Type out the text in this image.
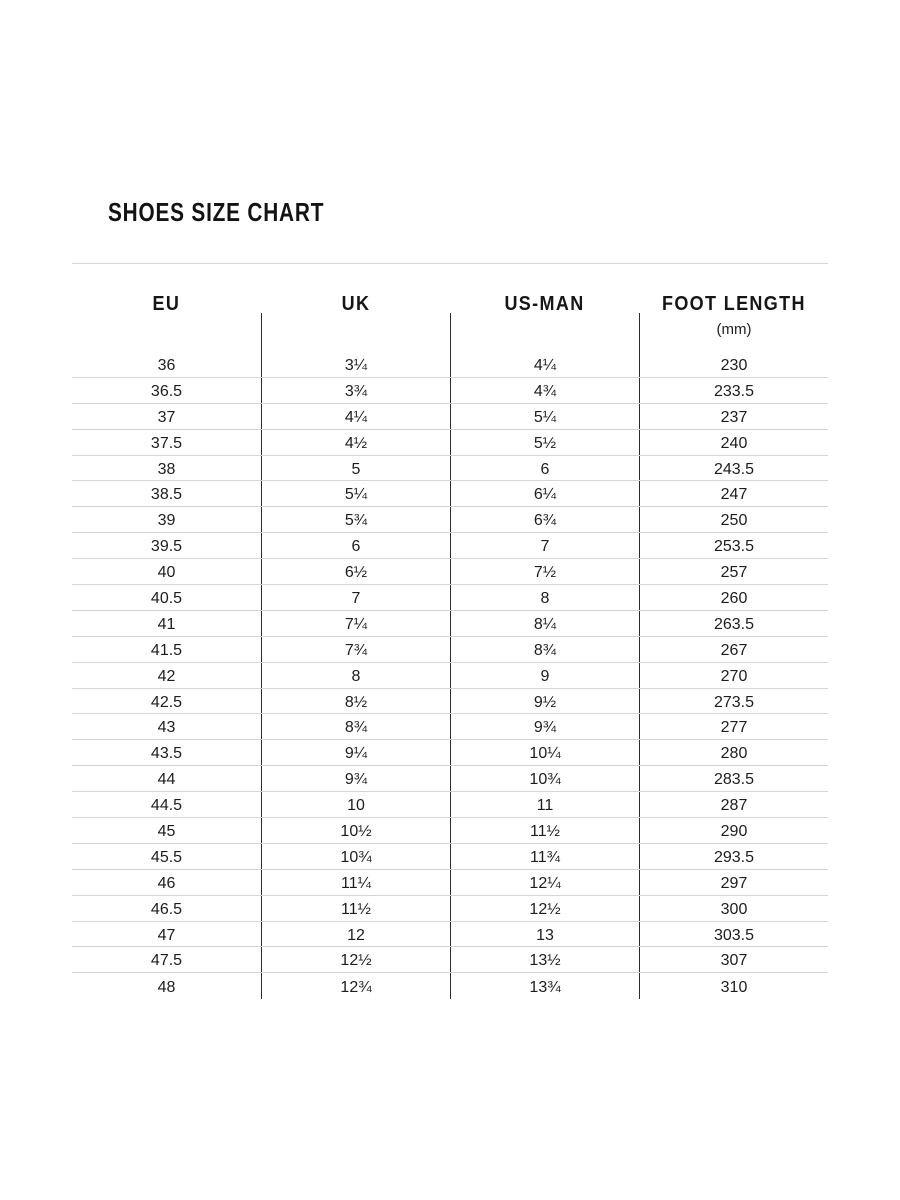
SHOES SIZE CHART
EU	UK	US-MAN	FOOT LENGTH
(mm)
36	3¼	4¼	230
36.5	3¾	4¾	233.5
37	4¼	5¼	237
37.5	4½	5½	240
38	5	6	243.5
38.5	5¼	6¼	247
39	5¾	6¾	250
39.5	6	7	253.5
40	6½	7½	257
40.5	7	8	260
41	7¼	8¼	263.5
41.5	7¾	8¾	267
42	8	9	270
42.5	8½	9½	273.5
43	8¾	9¾	277
43.5	9¼	10¼	280
44	9¾	10¾	283.5
44.5	10	11	287
45	10½	11½	290
45.5	10¾	11¾	293.5
46	11¼	12¼	297
46.5	11½	12½	300
47	12	13	303.5
47.5	12½	13½	307
48	12¾	13¾	310
